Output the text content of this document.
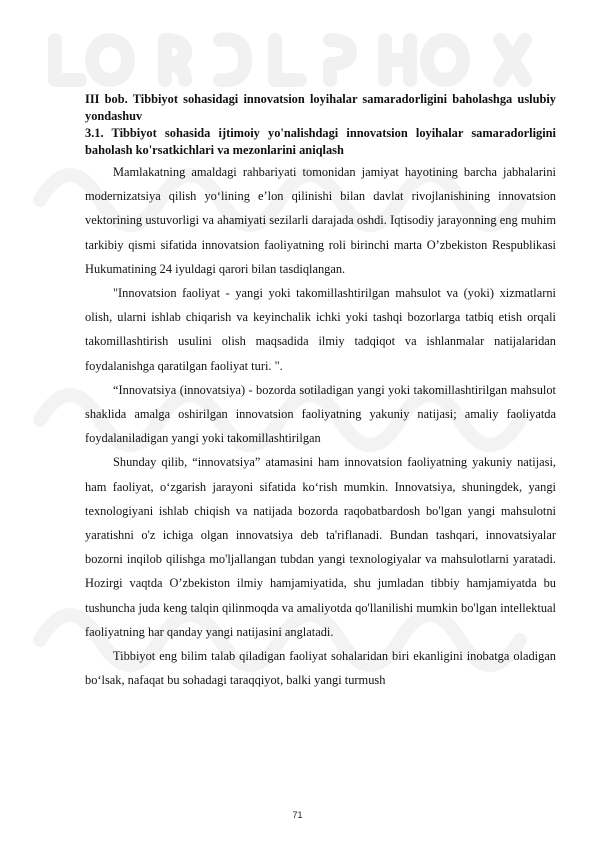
III bob. Tibbiyot sohasidagi innovatsion loyihalar samaradorligini baholashga uslubiy yondashuv

3.1. Tibbiyot sohasida ijtimoiy yo'nalishdagi innovatsion loyihalar samaradorligini baholash ko'rsatkichlari va mezonlarini aniqlash

Mamlakatning amaldagi rahbariyati tomonidan jamiyat hayotining barcha jabhalarini modernizatsiya qilish yo‘lining e’lon qilinishi bilan davlat rivojlanishining innovatsion vektorining ustuvorligi va ahamiyati sezilarli darajada oshdi. Iqtisodiy jarayonning eng muhim tarkibiy qismi sifatida innovatsion faoliyatning roli birinchi marta O’zbekiston Respublikasi Hukumatining 24 iyuldagi qarori bilan tasdiqlangan.

"Innovatsion faoliyat - yangi yoki takomillashtirilgan mahsulot va (yoki) xizmatlarni olish, ularni ishlab chiqarish va keyinchalik ichki yoki tashqi bozorlarga tatbiq etish orqali takomillashtirish usulini olish maqsadida ilmiy tadqiqot va ishlanmalar natijalaridan foydalanishga qaratilgan faoliyat turi. ".

“Innovatsiya (innovatsiya) - bozorda sotiladigan yangi yoki takomillashtirilgan mahsulot shaklida amalga oshirilgan innovatsion faoliyatning yakuniy natijasi; amaliy faoliyatda foydalaniladigan yangi yoki takomillashtirilgan

Shunday qilib, “innovatsiya” atamasini ham innovatsion faoliyatning yakuniy natijasi, ham faoliyat, o‘zgarish jarayoni sifatida ko‘rish mumkin. Innovatsiya, shuningdek, yangi texnologiyani ishlab chiqish va natijada bozorda raqobatbardosh bo'lgan yangi mahsulotni yaratishni o'z ichiga olgan innovatsiya deb ta'riflanadi. Bundan tashqari, innovatsiyalar bozorni inqilob qilishga mo'ljallangan tubdan yangi texnologiyalar va mahsulotlarni yaratadi. Hozirgi vaqtda O’zbekiston ilmiy hamjamiyatida, shu jumladan tibbiy hamjamiyatda bu tushuncha juda keng talqin qilinmoqda va amaliyotda qo'llanilishi mumkin bo'lgan intellektual faoliyatning har qanday yangi natijasini anglatadi.

Tibbiyot eng bilim talab qiladigan faoliyat sohalaridan biri ekanligini inobatga oladigan bo‘lsak, nafaqat bu sohadagi taraqqiyot, balki yangi turmush

71
